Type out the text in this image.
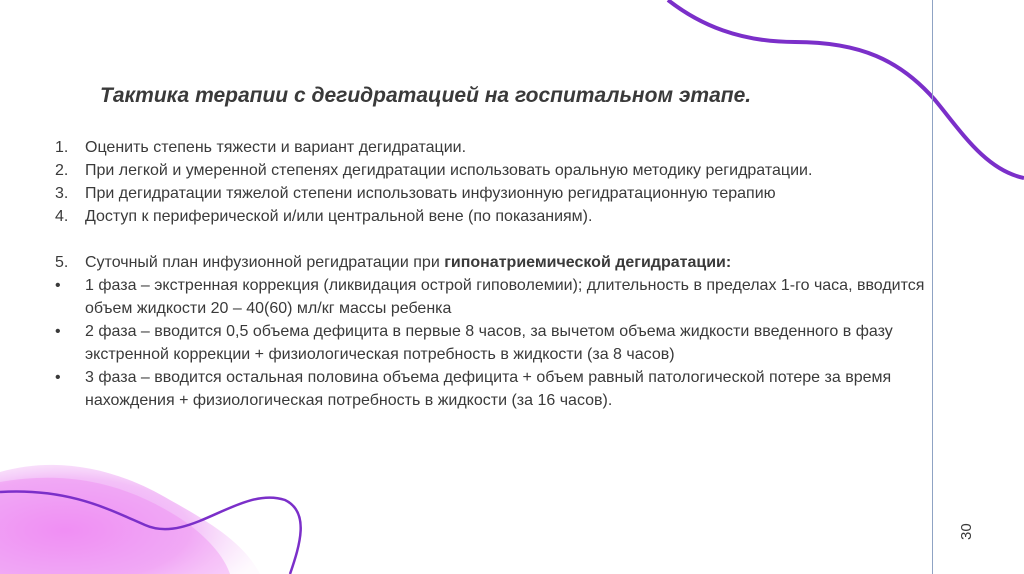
Тактика терапии с дегидратацией на госпитальном этапе.
1.	Оценить степень тяжести и вариант дегидратации.
2.	При легкой и умеренной степенях дегидратации использовать оральную методику регидратации.
3.	При дегидратации тяжелой степени использовать инфузионную регидратационную терапию
4.	Доступ к периферической и/или центральной вене (по показаниям).
5.	Суточный план инфузионной регидратации при гипонатриемической дегидратации:
•	1 фаза – экстренная коррекция (ликвидация острой гиповолемии); длительность в пределах 1-го часа, вводится объем жидкости 20 – 40(60) мл/кг массы ребенка
•	2 фаза – вводится 0,5 объема дефицита в первые 8 часов, за вычетом объема жидкости введенного в фазу экстренной коррекции + физиологическая потребность в жидкости (за 8 часов)
•	3 фаза – вводится остальная половина объема дефицита + объем равный патологической потере за время нахождения + физиологическая потребность в жидкости (за 16 часов).
30
